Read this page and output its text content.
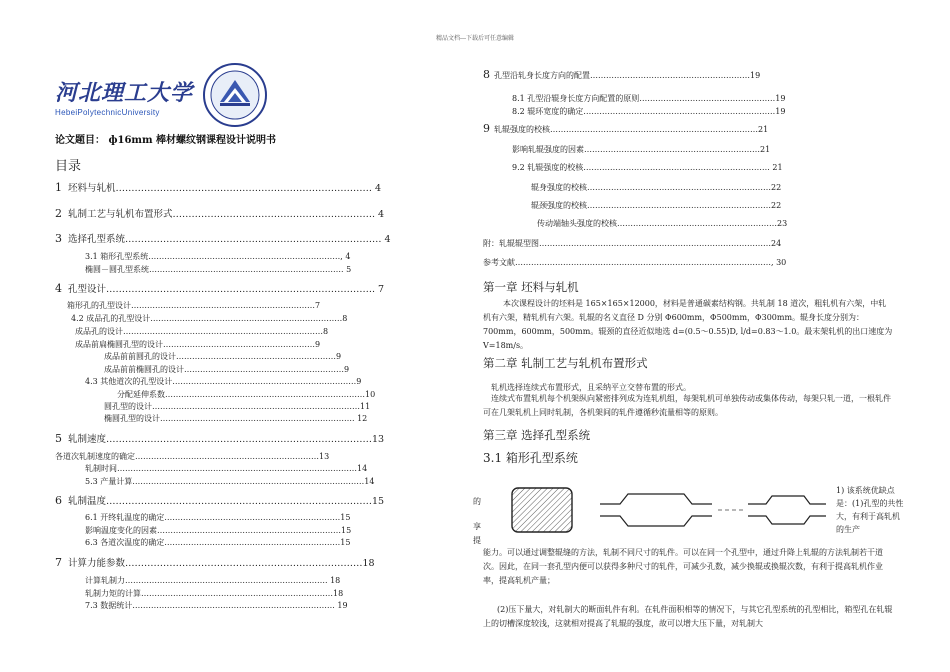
精品文档---下载后可任意编辑
河北理工大学
HebeiPolytechnicUniversity
论文题目： ф16mm 棒材螺纹钢课程设计说明书
目录
1 坯料与轧机……………………………………………………………………… 4
2 轧制工艺与轧机布置形式………………………………………………………. 4
3 选择孔型系统……………………………………………………………………… 4
3.1 箱形孔型系统………………………………………………………………, 4
椭圆－圆孔型系统………………………………………………………………. 5
4 孔型设计…………………………………………………………………………. 7
箱形孔的孔型设计……………………………………………………………7
4.2 成品孔的孔型设计………………………………………………………………8
成品孔的设计…………………………………………………………………8
成品前扁椭圆孔型的设计…………………………………………………9
成品前前圆孔的设计……………………………………………………9
成品前前椭圆孔的设计……………………………………………………9
4.3 其他道次的孔型设计……………………………………………………………9
分配延伸系数…………………………………………………………………10
圆孔型的设计……………………………………………………………………11
椭圆孔型的设计………………………………………………………………. 12
5 轧制速度…………………………………………………………………………13
各道次轧制速度的确定……………………………………………………………13
轧制时间………………………………………………………………………………14
5.3 产量计算……………………………………………………………………………14
6 轧制温度…………………………………………………………………………15
6.1 开终轧温度的确定…………………………………………………………15
影响温度变化的因素……………………………………………………………15
6.3 各道次温度的确定…………………………………………………………15
7 计算力能参数…………………………………………………………………18
计算轧制力…………………………………………………………………. 18
轧制力矩的计算………………………………………………………………18
7.3 数据统计…………………………………………………………………. 19
8 孔型沿轧身长度方向的配置……………………………………………………19
8.1 孔型沿辊身长度方向配置的原则……………………………………………19
8.2 辊环宽度的确定………………………………………………………………19
9 轧辊强度的校核……………………………………………………………………21
影响轧辊强度的因素…………………………………………………………21
9.2 轧辊强度的校核……………………………………………………………. 21
辊身强度的校核……………………………………………………………22
辊颈强度的校核……………………………………………………………22
传动端轴头强度的校核……………………………………………………23
附：轧辊辊型图……………………………………………………………………………24
参考文献……………………………………………………………………………………, 30
第一章 坯料与轧机
本次课程设计的坯料是 165×165×12000，材料是普通碳素结构钢。共轧制 18 道次，粗轧机有六架，中轧机有六架，精轧机有六架。轧辊的名义直径 D 分别 Φ600mm，Φ500mm，Φ300mm。辊身长度分别为：700mm，600mm，500mm。辊颈的直径近似地选 d=(0.5～0.55)D, l/d=0.83～1.0。最末架轧机的出口速度为 V=18m/s。
第二章 轧制工艺与轧机布置形式
轧机选择连续式布置形式，且采纳平立交替布置的形式。
连续式布置轧机每个机架纵向紧密排列成为连轧机组，每架轧机可单独传动或集体传动，每架只轧一道，一根轧件可在几架轧机上同时轧制，各机架间的轧件遵循秒流量相等的原则。
第三章 选择孔型系统
3.1 箱形孔型系统
的
享
提
1) 该系统优缺点是：(1)孔型的共性大，有利于高轧机的生产
能力。可以通过调整辊缝的方法，轧制不同尺寸的轧件。可以在同一个孔型中，通过升降上轧辊的方法轧制若干道次。因此，在同一套孔型内便可以获得多种尺寸的轧件，可减少孔数，减少换辊或换辊次数，有利于提高轧机作业率，提高轧机产量；
(2)压下量大，对轧制大的断面轧件有利。在轧件面积相等的情况下，与其它孔型系统的孔型相比，箱型孔在轧辊上的切槽深度较浅，这就相对提高了轧辊的强度，故可以增大压下量，对轧制大
